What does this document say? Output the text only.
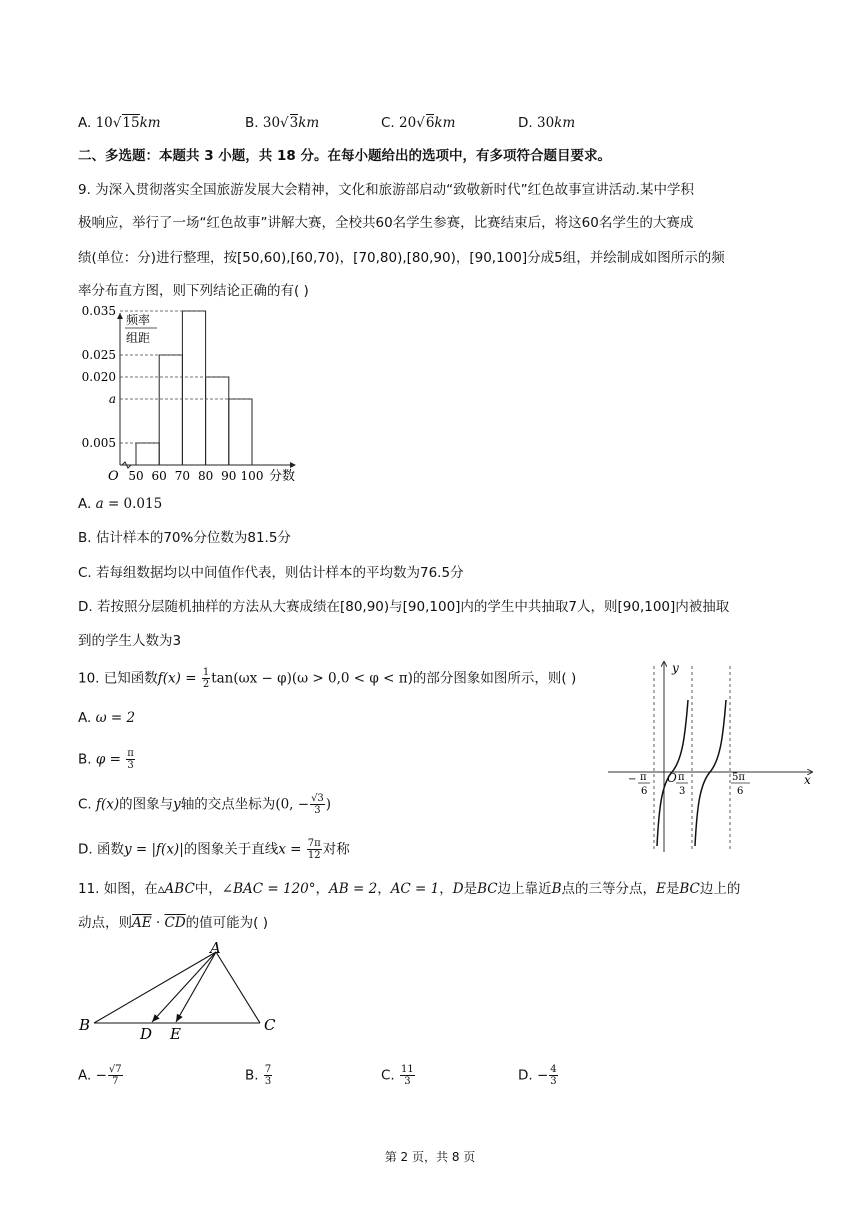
A. 10√15km	B. 30√3km	C. 20√6km	D. 30km
二、多选题：本题共 3 小题，共 18 分。在每小题给出的选项中，有多项符合题目要求。
9. 为深入贯彻落实全国旅游发展大会精神，文化和旅游部启动“致敬新时代”红色故事宣讲活动.某中学积
极响应，举行了一场“红色故事”讲解大赛，全校共60名学生参赛，比赛结束后，将这60名学生的大赛成
绩(单位：分)进行整理，按[50,60),[60,70)，[70,80),[80,90)，[90,100]分成5组，并绘制成如图所示的频
率分布直方图，则下列结论正确的有( )
0.035
0.025
0.020
a
0.005
50 60 70 80 90 100
O	分数
频率
组距
A. a = 0.015
B. 估计样本的70%分位数为81.5分
C. 若每组数据均以中间值作代表，则估计样本的平均数为76.5分
D. 若按照分层随机抽样的方法从大赛成绩在[80,90)与[90,100]内的学生中共抽取7人，则[90,100]内被抽取
到的学生人数为3
10. 已知函数$f(x) = \frac{1}{2} \tan(\omega x - \varphi)(\omega > 0,0 < \varphi < \pi)$的部分图象如图所示，则( )
A. ω = 2
B. $\varphi = \frac{\pi}{3}$
C. f(x)的图象与y轴的交点坐标为(0, − $\frac{√3}{3}$ )
D. 函数y = |f(x)|的图象关于直线$x = \frac{7\pi}{12}$ 对称
y
x
O
− π
6
π
3
5π
6
11. 如图，在▵ABC中，∠BAC = 120°，AB = 2，AC = 1，D是BC边上靠近B点的三等分点，E是BC边上的
动点，则$\overline{AE} \cdot \overline{CD}$的值可能为( )
A
B	C
D E
A. − $\frac{√7}{7}$	B. $\frac{7}{3}$	C. $\frac{11}{3}$	D. − $\frac{4}{3}$
第 2 页，共 8 页
